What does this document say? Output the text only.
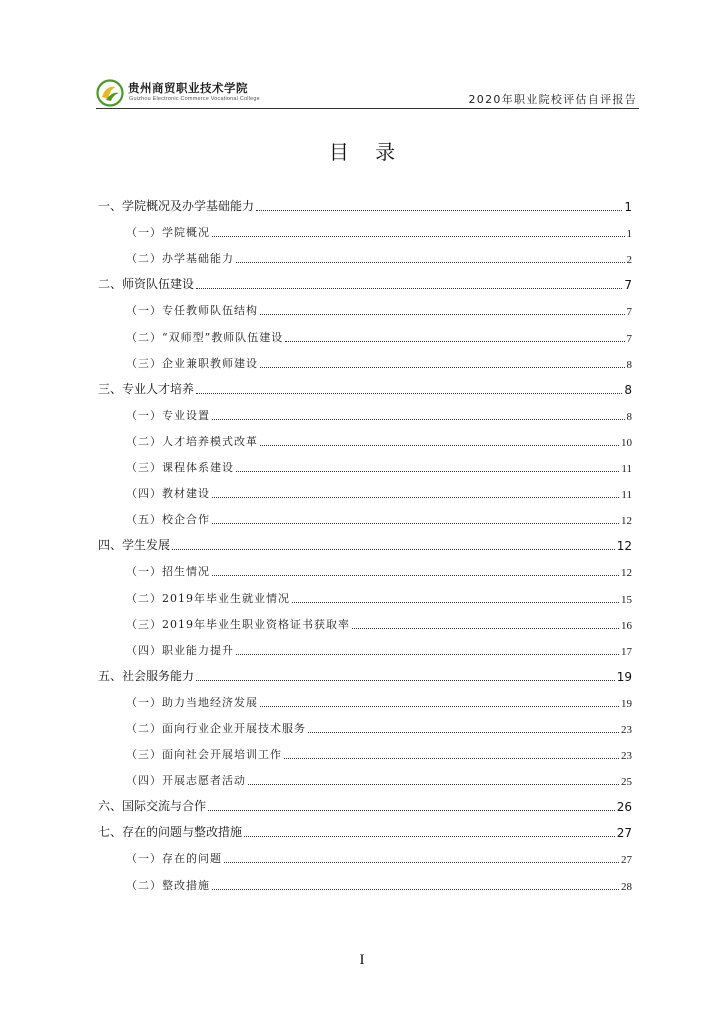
贵州商贸职业技术学院
Guizhou Electronic Commerce Vocational College	2020年职业院校评估自评报告
目 录
一、学院概况及办学基础能力	1
（一）学院概况	1
（二）办学基础能力	2
二、师资队伍建设	7
（一）专任教师队伍结构	7
（二）“双师型”教师队伍建设	7
（三）企业兼职教师建设	8
三、专业人才培养	8
（一）专业设置	8
（二）人才培养模式改革	10
（三）课程体系建设	11
（四）教材建设	11
（五）校企合作	12
四、学生发展	12
（一）招生情况	12
（二）2019年毕业生就业情况	15
（三）2019年毕业生职业资格证书获取率	16
（四）职业能力提升	17
五、社会服务能力	19
（一）助力当地经济发展	19
（二）面向行业企业开展技术服务	23
（三）面向社会开展培训工作	23
（四）开展志愿者活动	25
六、国际交流与合作	26
七、存在的问题与整改措施	27
（一）存在的问题	27
（二）整改措施	28
I
